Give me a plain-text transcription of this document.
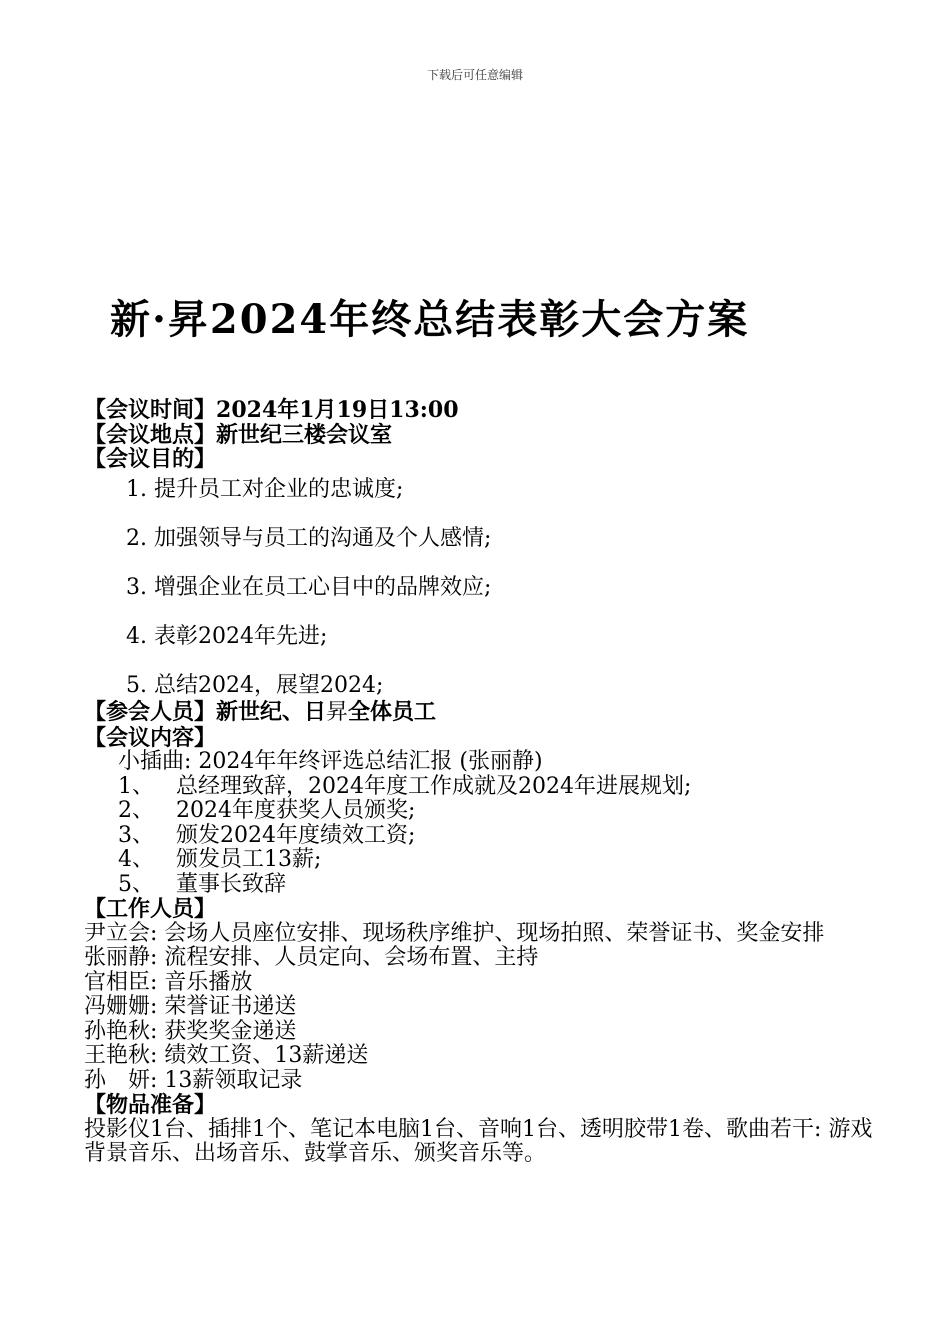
下载后可任意编辑
新·昇2024年终总结表彰大会方案
【会议时间】2024年1月19日13:00
【会议地点】新世纪三楼会议室
【会议目的】
1. 提升员工对企业的忠诚度;
2. 加强领导与员工的沟通及个人感情;
3. 增强企业在员工心目中的品牌效应;
4. 表彰2024年先进;
5. 总结2024，展望2024;
【参会人员】新世纪、日昇全体员工
【会议内容】
小插曲: 2024年年终评选总结汇报 (张丽静)
1、 总经理致辞，2024年度工作成就及2024年进展规划;
2、 2024年度获奖人员颁奖;
3、 颁发2024年度绩效工资;
4、 颁发员工13薪;
5、 董事长致辞
【工作人员】
尹立会: 会场人员座位安排、现场秩序维护、现场拍照、荣誉证书、奖金安排
张丽静: 流程安排、人员定向、会场布置、主持
官相臣: 音乐播放
冯姗姗: 荣誉证书递送
孙艳秋: 获奖奖金递送
王艳秋: 绩效工资、13薪递送
孙　妍: 13薪领取记录
【物品准备】
投影仪1台、插排1个、笔记本电脑1台、音响1台、透明胶带1卷、歌曲若干: 游戏背景音乐、出场音乐、鼓掌音乐、颁奖音乐等。
